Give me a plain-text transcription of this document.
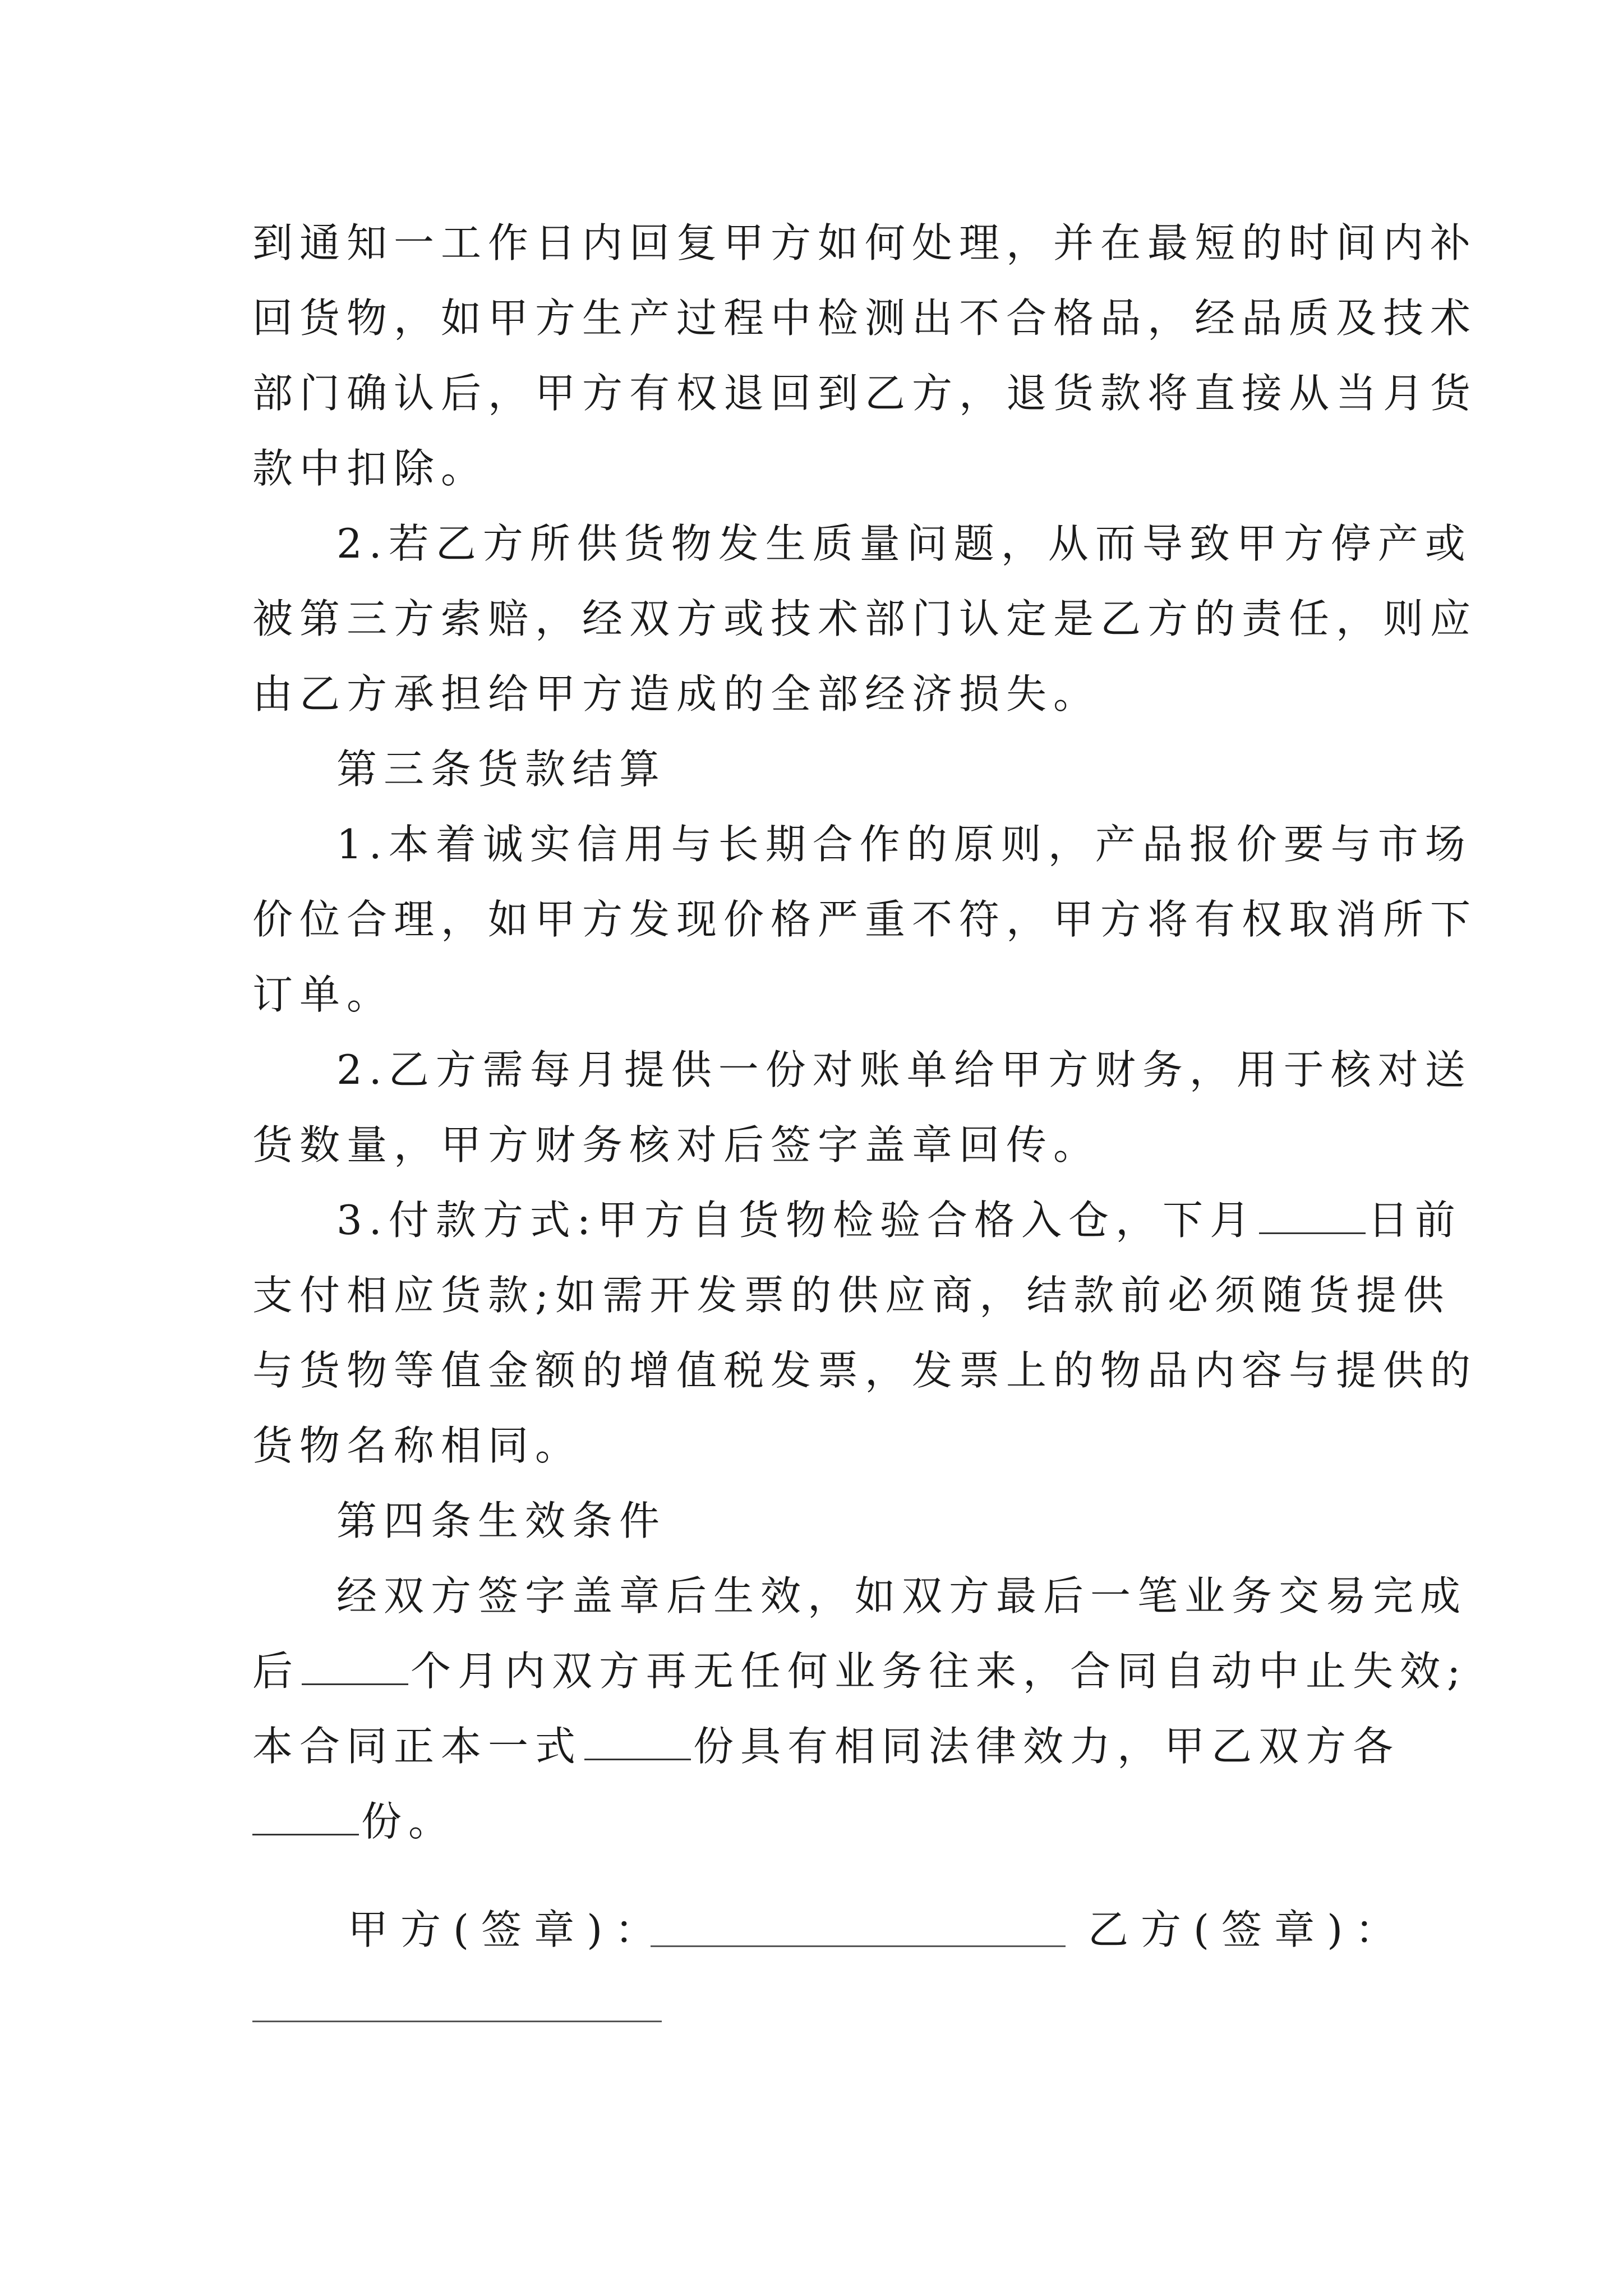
到通知一工作日内回复甲方如何处理，并在最短的时间内补
回货物，如甲方生产过程中检测出不合格品，经品质及技术
部门确认后，甲方有权退回到乙方，退货款将直接从当月货
款中扣除。
2.若乙方所供货物发生质量问题，从而导致甲方停产或
被第三方索赔，经双方或技术部门认定是乙方的责任，则应
由乙方承担给甲方造成的全部经济损失。
第三条货款结算
1.本着诚实信用与长期合作的原则，产品报价要与市场
价位合理，如甲方发现价格严重不符，甲方将有权取消所下
订单。
2.乙方需每月提供一份对账单给甲方财务，用于核对送
货数量，甲方财务核对后签字盖章回传。
3.付款方式:甲方自货物检验合格入仓，下月	日前
支付相应货款;如需开发票的供应商，结款前必须随货提供
与货物等值金额的增值税发票，发票上的物品内容与提供的
货物名称相同。
第四条生效条件
经双方签字盖章后生效，如双方最后一笔业务交易完成
后	个月内双方再无任何业务往来，合同自动中止失效;
本合同正本一式	份具有相同法律效力，甲乙双方各
份。
甲方(签章)：	乙方(签章)：
